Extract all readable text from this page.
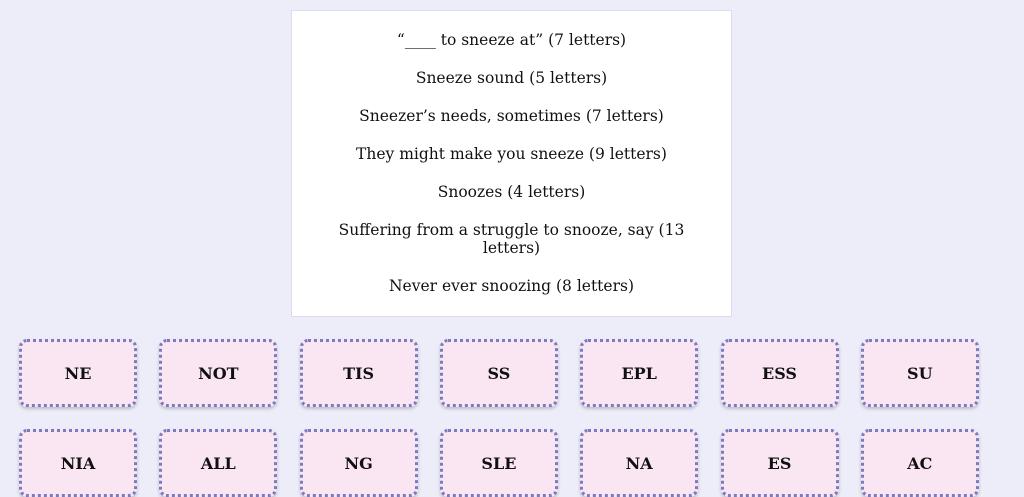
“____ to sneeze at” (7 letters)

Sneeze sound (5 letters)

Sneezer’s needs, sometimes (7 letters)

They might make you sneeze (9 letters)

Snoozes (4 letters)

Suffering from a struggle to snooze, say (13 letters)

Never ever snoozing (8 letters)

NE	NOT	TIS	SS	EPL	ESS	SU
NIA	ALL	NG	SLE	NA	ES	AC
